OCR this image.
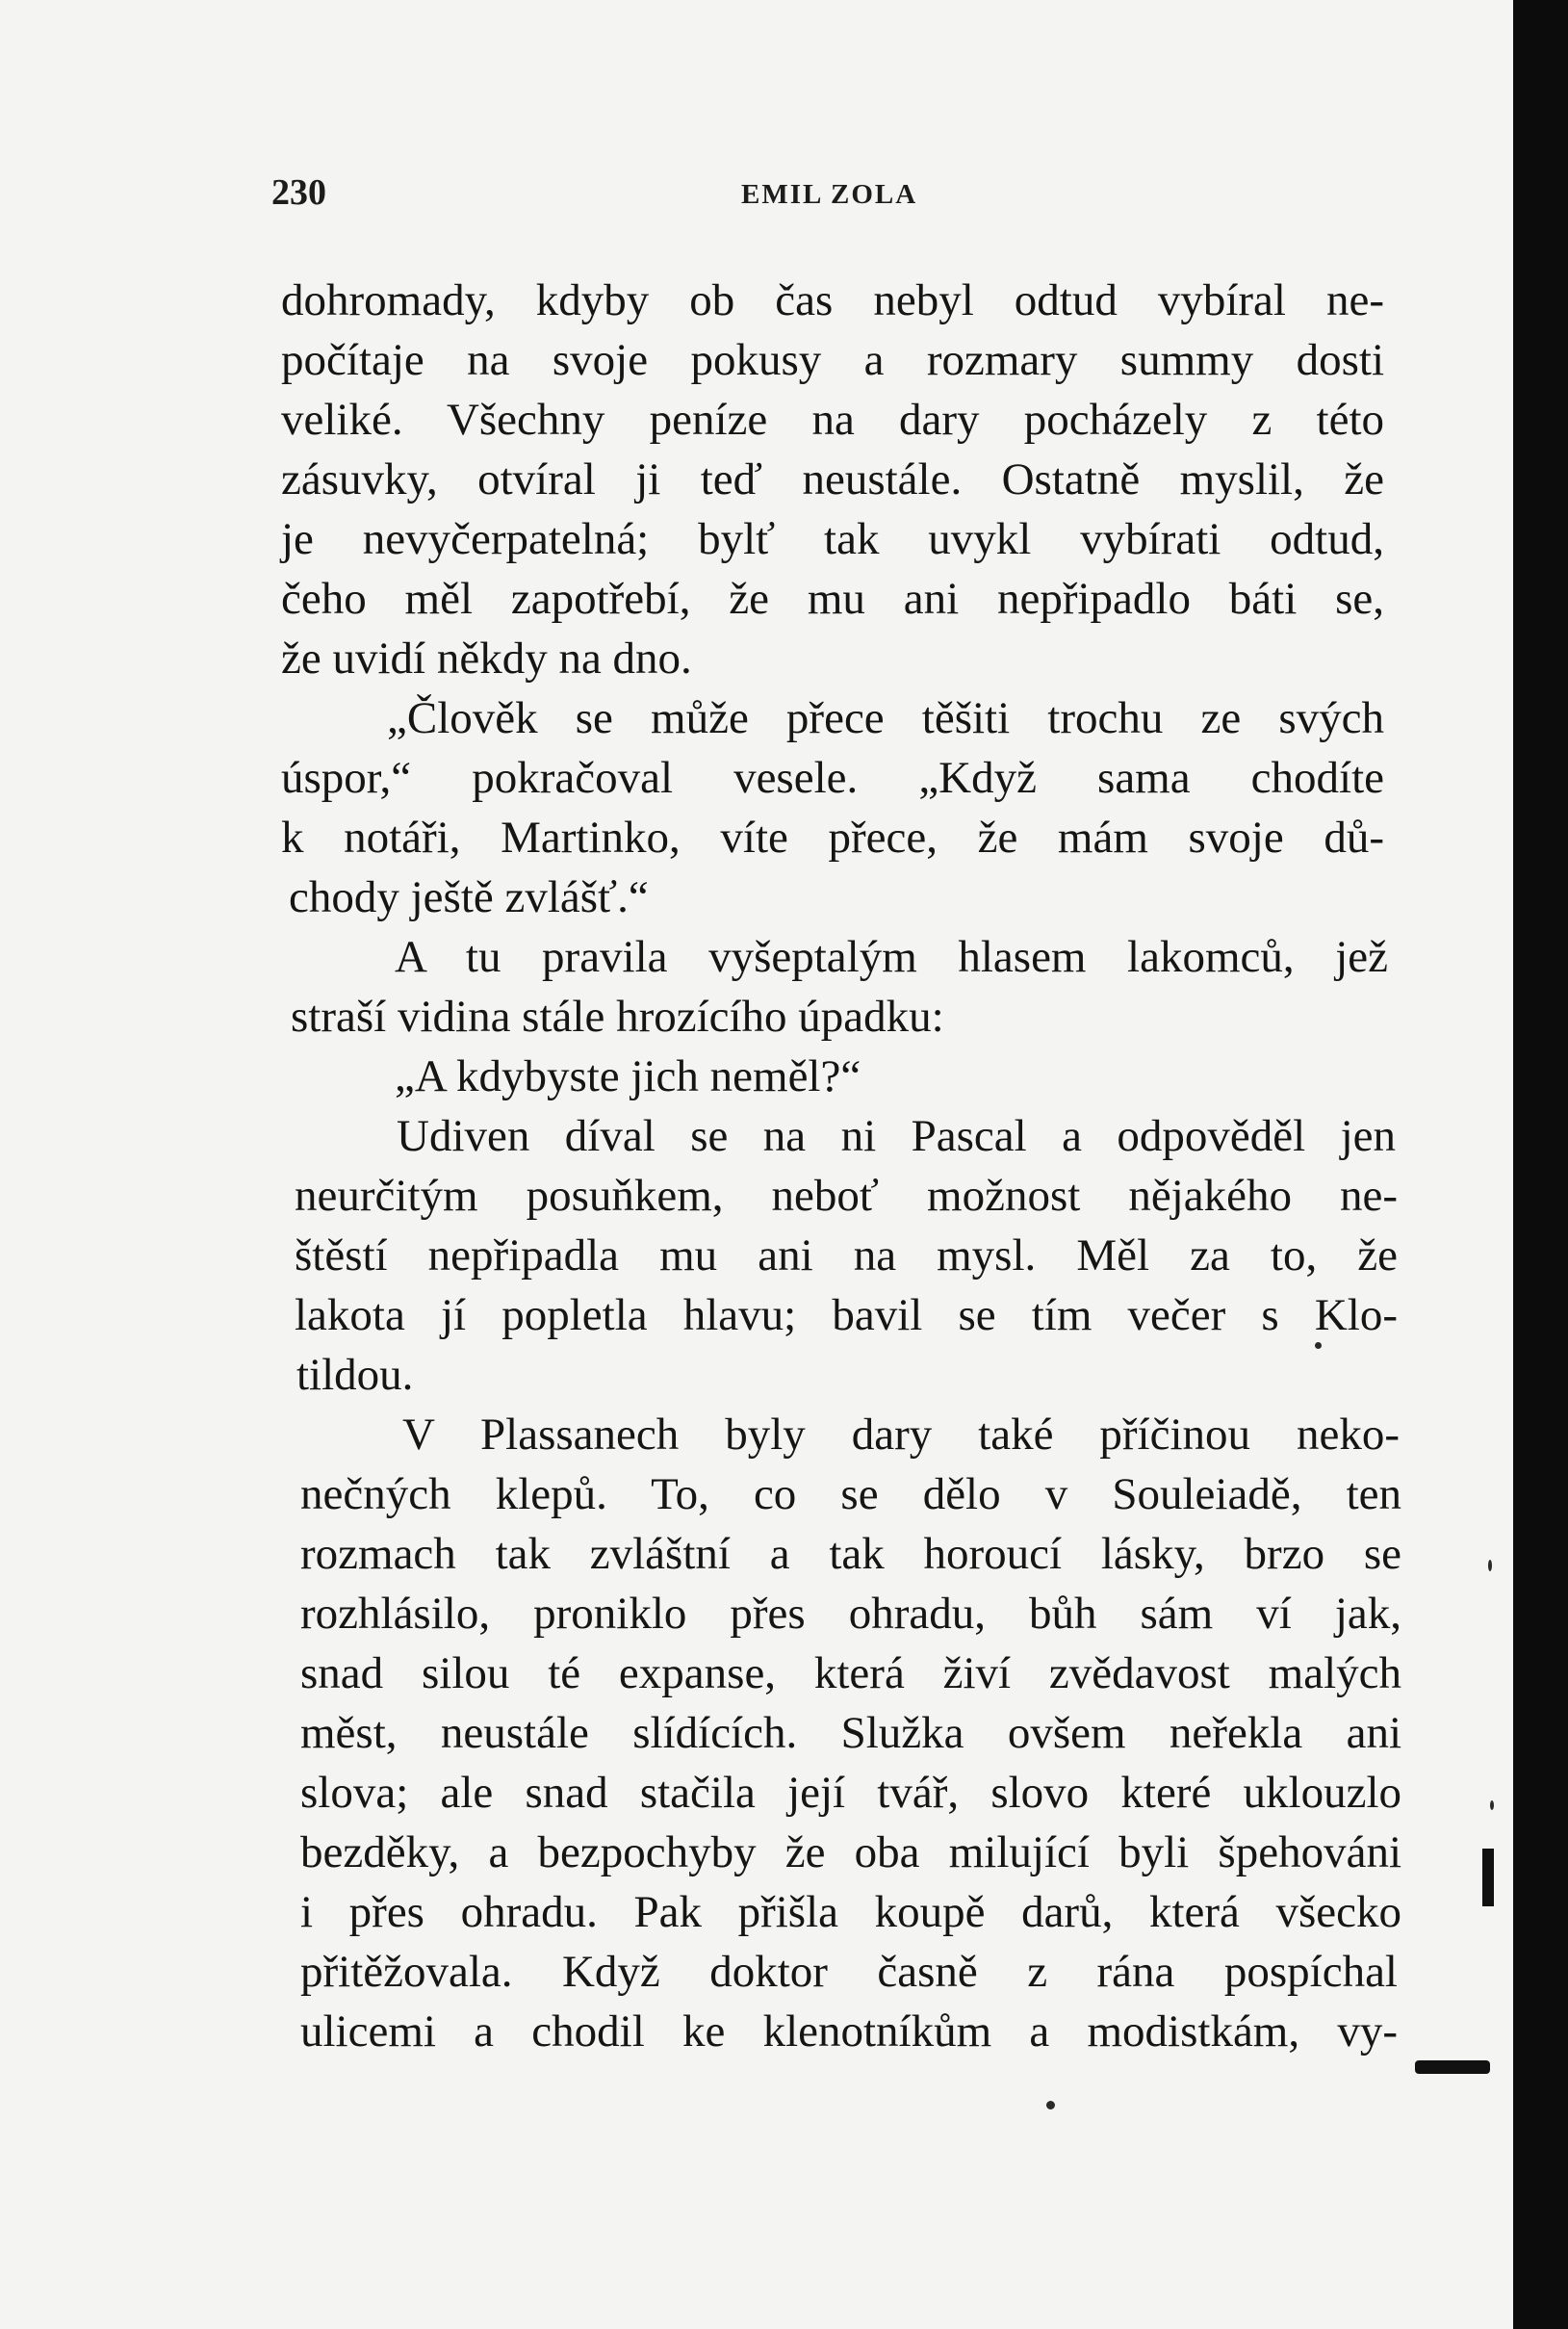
230	EMIL ZOLA

dohromady, kdyby ob čas nebyl odtud vybíral ne-

počítaje na svoje pokusy a rozmary summy dosti

veliké. Všechny peníze na dary pocházely z této

zásuvky, otvíral ji teď neustále. Ostatně myslil, že

je nevyčerpatelná; bylť tak uvykl vybírati odtud,

čeho měl zapotřebí, že mu ani nepřipadlo báti se,

že uvidí někdy na dno.

„Člověk se může přece těšiti trochu ze svých

úspor,“ pokračoval vesele. „Když sama chodíte

k notáři, Martinko, víte přece, že mám svoje dů-

chody ještě zvlášť.“

A tu pravila vyšeptalým hlasem lakomců, jež

straší vidina stále hrozícího úpadku:

„A kdybyste jich neměl?“

Udiven díval se na ni Pascal a odpověděl jen

neurčitým posuňkem, neboť možnost nějakého ne-

štěstí nepřipadla mu ani na mysl. Měl za to, že

lakota jí popletla hlavu; bavil se tím večer s Klo-

tildou.

V Plassanech byly dary také příčinou neko-

nečných klepů. To, co se dělo v Souleiadě, ten

rozmach tak zvláštní a tak horoucí lásky, brzo se

rozhlásilo, proniklo přes ohradu, bůh sám ví jak,

snad silou té expanse, která živí zvědavost malých

měst, neustále slídících. Služka ovšem neřekla ani

slova; ale snad stačila její tvář, slovo které uklouzlo

bezděky, a bezpochyby že oba milující byli špehováni

i přes ohradu. Pak přišla koupě darů, která všecko

přitěžovala. Když doktor časně z rána pospíchal

ulicemi a chodil ke klenotníkům a modistkám, vy-
